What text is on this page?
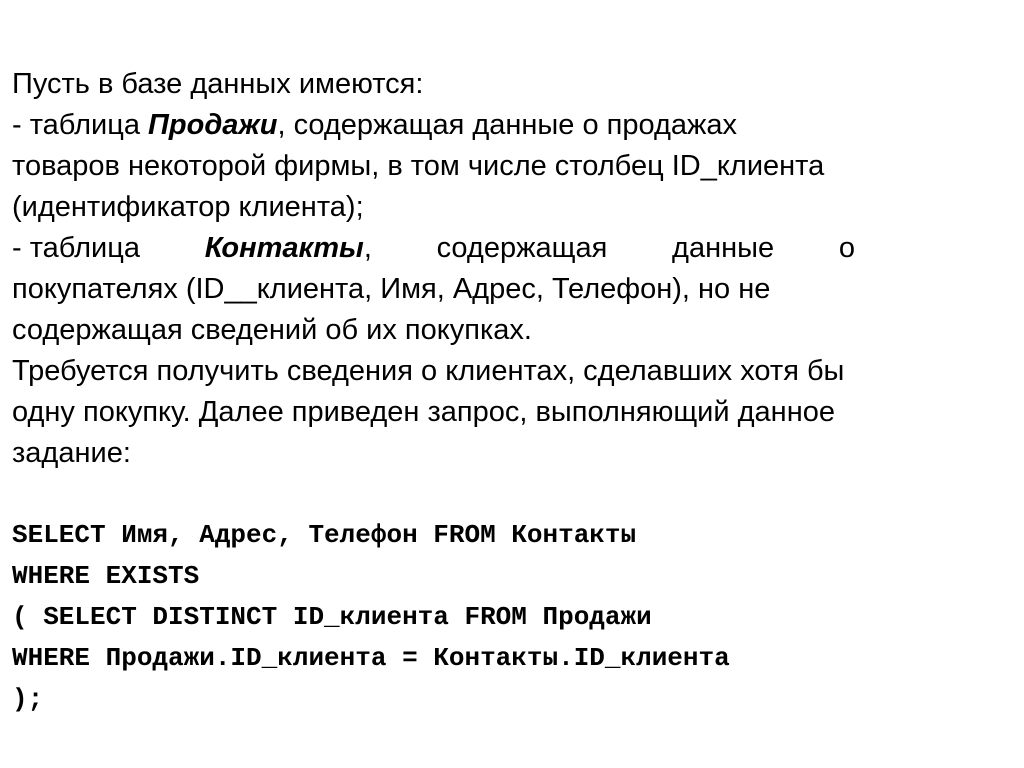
Пусть в базе данных имеются:
- таблица Продажи, содержащая данные о продажах
товаров некоторой фирмы, в том числе столбец ID_клиента
(идентификатор клиента);
- таблица Контакты, содержащая данные о
покупателях (ID__клиента, Имя, Адрес, Телефон), но не
содержащая сведений об их покупках.
Требуется получить сведения о клиентах, сделавших хотя бы
одну покупку. Далее приведен запрос, выполняющий данное
задание:
SELECT Имя, Адрес, Телефон FROM Контакты
WHERE EXISTS
( SELECT DISTINCT ID_клиента FROM Продажи
WHERE Продажи.ID_клиента = Контакты.ID_клиента
);
